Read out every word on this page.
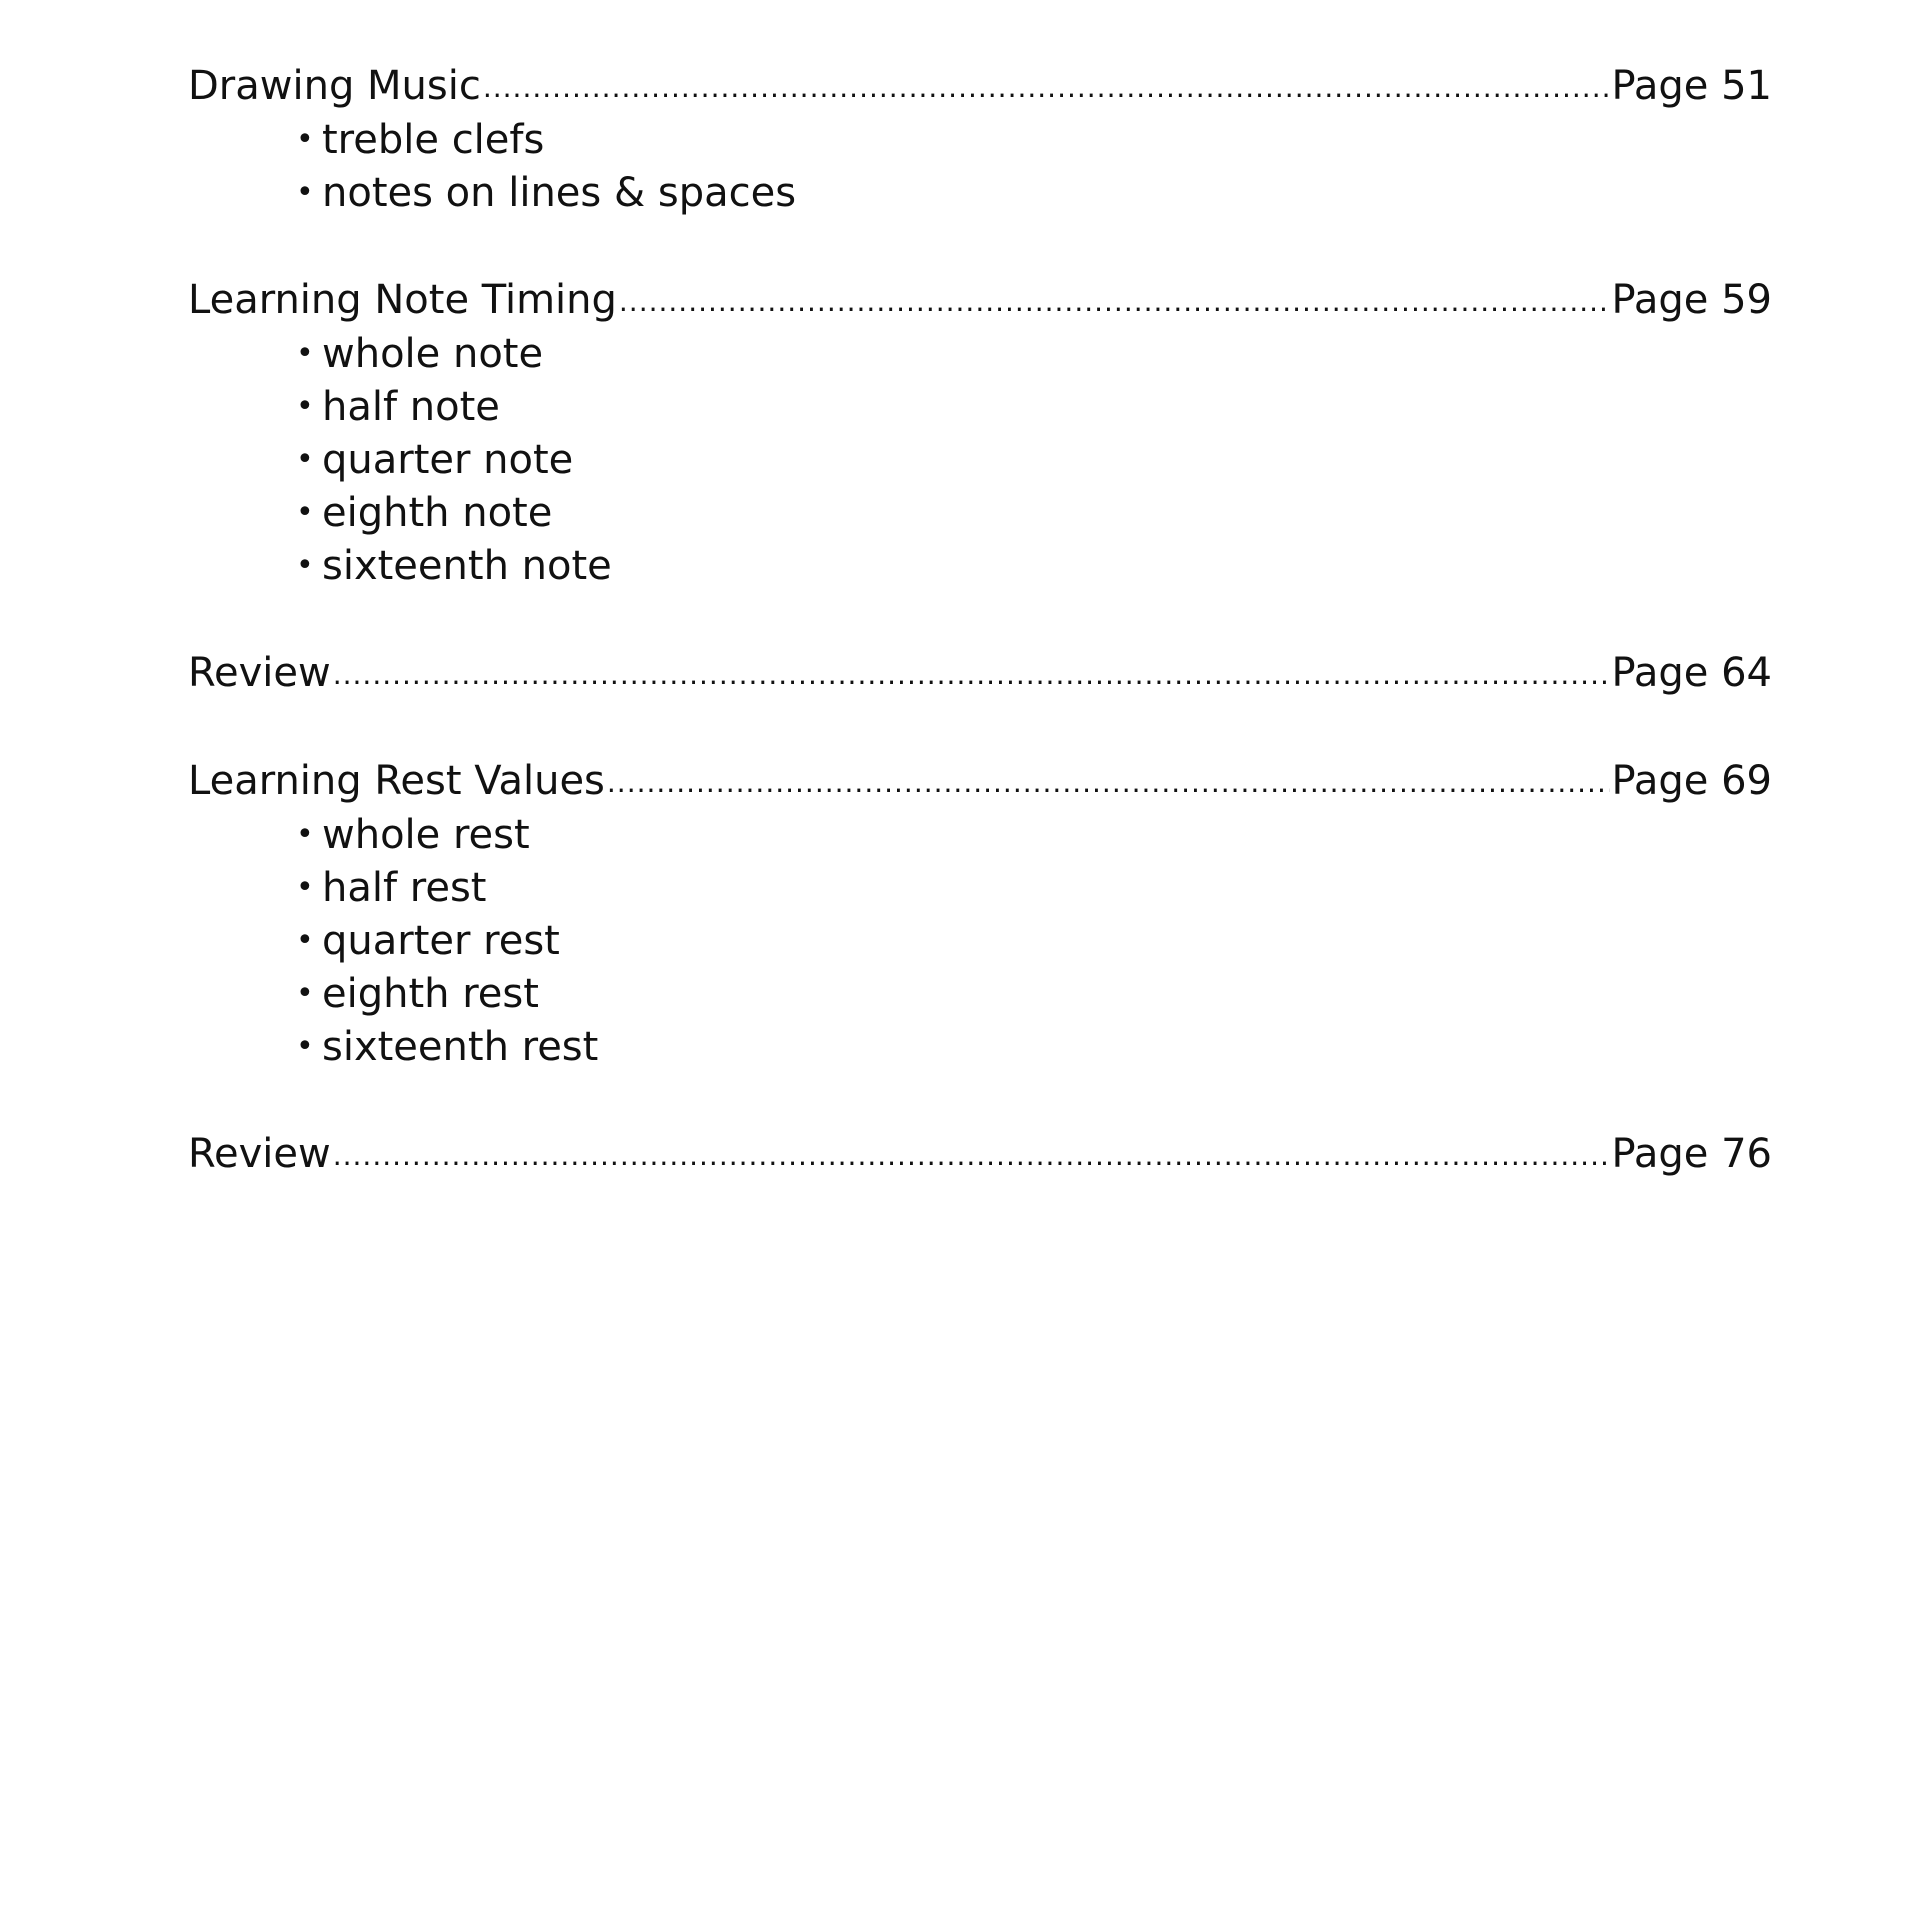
Drawing Music .....	Page 51
• treble clefs
• notes on lines & spaces
Learning Note Timing .....	Page 59
• whole note
• half note
• quarter note
• eighth note
• sixteenth note
Review .....	Page 64
Learning Rest Values .....	Page 69
• whole rest
• half rest
• quarter rest
• eighth rest
• sixteenth rest
Review .....	Page 76
